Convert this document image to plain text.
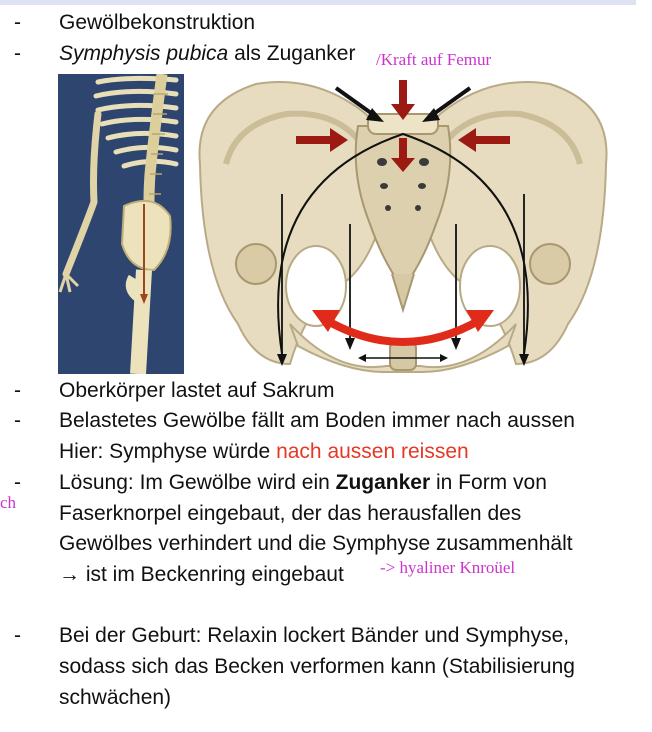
-
-
-
-
-
-
Gewölbekonstruktion
Symphysis pubica als Zuganker /Kraft auf Femur
Oberkörper lastet auf Sakrum
Belastetes Gewölbe fällt am Boden immer nach aussen
Hier: Symphyse würde nach aussen reissen
Lösung: Im Gewölbe wird ein Zuganker in Form von
ch Faserknorpel eingebaut, der das herausfallen des
Gewölbes verhindert und die Symphyse zusammenhält
→ ist im Beckenring eingebaut -> hyaliner Knroüel
Bei der Geburt: Relaxin lockert Bänder und Symphyse,
sodass sich das Becken verformen kann (Stabilisierung
schwächen)
